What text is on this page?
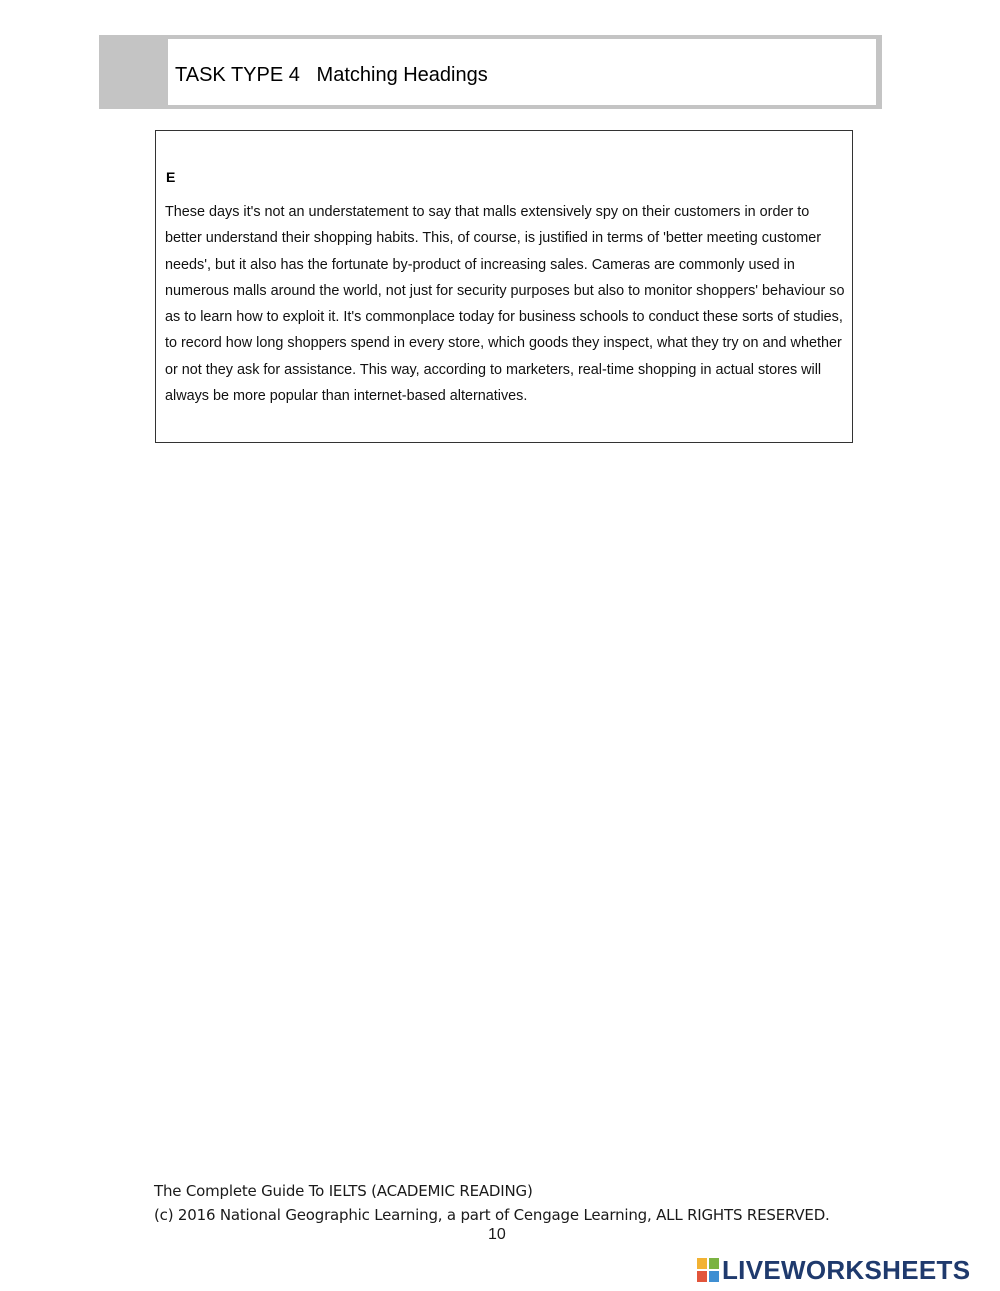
TASK TYPE 4   Matching Headings
E
These days it's not an understatement to say that malls extensively spy on their customers in order to better understand their shopping habits. This, of course, is justified in terms of 'better meeting customer needs', but it also has the fortunate by-product of increasing sales. Cameras are commonly used in numerous malls around the world, not just for security purposes but also to monitor shoppers' behaviour so as to learn how to exploit it. It's commonplace today for business schools to conduct these sorts of studies, to record how long shoppers spend in every store, which goods they inspect, what they try on and whether or not they ask for assistance. This way, according to marketers, real-time shopping in actual stores will always be more popular than internet-based alternatives.
The Complete Guide To IELTS (ACADEMIC READING)
(c) 2016 National Geographic Learning, a part of Cengage Learning, ALL RIGHTS RESERVED.
10
LIVEWORKSHEETS
